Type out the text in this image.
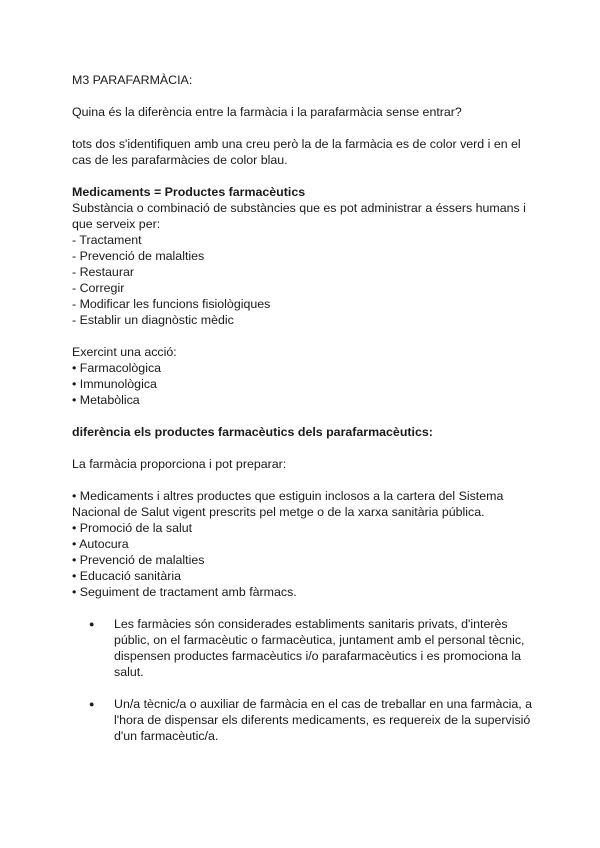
M3 PARAFARMÀCIA:
Quina és la diferència entre la farmàcia i la parafarmàcia sense entrar?

tots dos s'identifiquen amb una creu però la de la farmàcia es de color verd i en el cas de les parafarmàcies de color blau.

Medicaments = Productes farmacèutics

Substància o combinació de substàncies que es pot administrar a éssers humans i que serveix per:

- Tractament
- Prevenció de malalties
- Restaurar
- Corregir
- Modificar les funcions fisiològiques
- Establir un diagnòstic mèdic
Exercint una acció:
• Farmacològica
• Immunològica
• Metabòlica
diferència els productes farmacèutics dels parafarmacèutics:
La farmàcia proporciona i pot preparar:

• Medicaments i altres productes que estiguin inclosos a la cartera del Sistema Nacional de Salut vigent prescrits pel metge o de la xarxa sanitària pública.

• Promoció de la salut
• Autocura
• Prevenció de malalties
• Educació sanitària
• Seguiment de tractament amb fàrmacs.
● Les farmàcies són considerades establiments sanitaris privats, d'interès públic, on el farmacèutic o farmacèutica, juntament amb el personal tècnic, dispensen productes farmacèutics i/o parafarmacèutics i es promociona la salut.
● Un/a tècnic/a o auxiliar de farmàcia en el cas de treballar en una farmàcia, a l'hora de dispensar els diferents medicaments, es requereix de la supervisió d'un farmacèutic/a.
